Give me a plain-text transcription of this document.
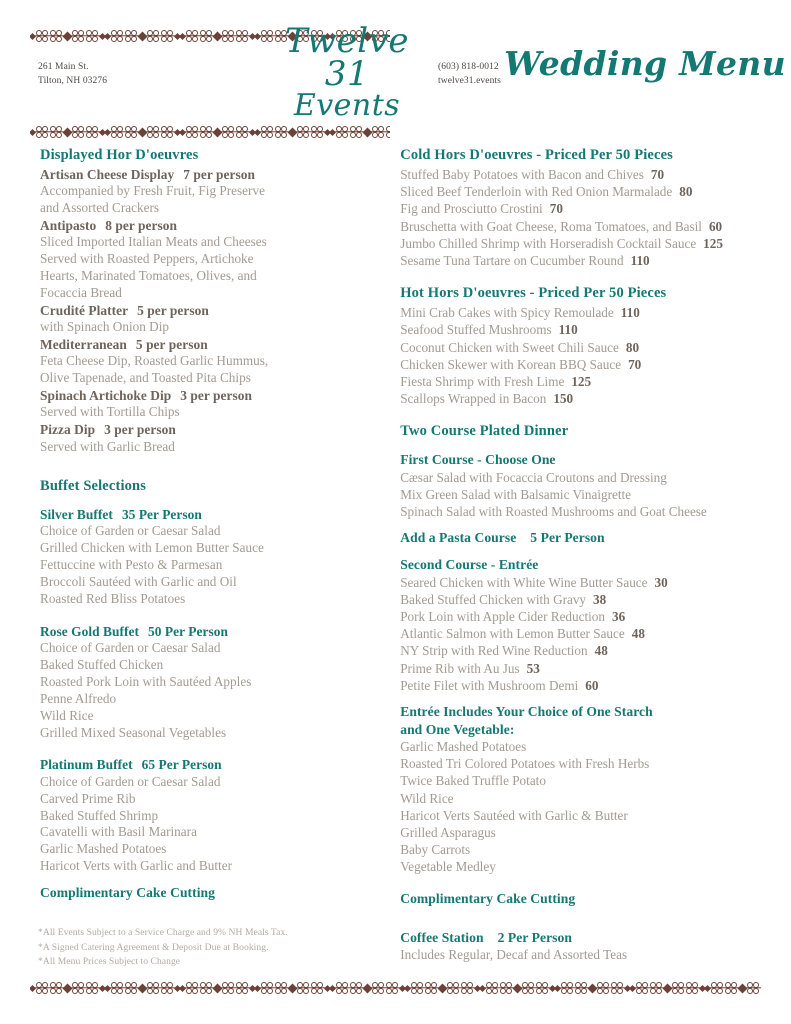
261 Main St.
Tilton, NH 03276
Twelve 31
Events
(603) 818-0012
twelve31.events Wedding Menu
Displayed Hor D'oeuvres
Artisan Cheese Display 7 per person
Accompanied by Fresh Fruit, Fig Preserve
and Assorted Crackers
Antipasto 8 per person
Sliced Imported Italian Meats and Cheeses
Served with Roasted Peppers, Artichoke
Hearts, Marinated Tomatoes, Olives, and
Focaccia Bread
Crudité Platter 5 per person
with Spinach Onion Dip
Mediterranean 5 per person
Feta Cheese Dip, Roasted Garlic Hummus,
Olive Tapenade, and Toasted Pita Chips
Spinach Artichoke Dip 3 per person
Served with Tortilla Chips
Pizza Dip 3 per person
Served with Garlic Bread
Buffet Selections
Silver Buffet 35 Per Person
Choice of Garden or Caesar Salad
Grilled Chicken with Lemon Butter Sauce
Fettuccine with Pesto & Parmesan
Broccoli Sautéed with Garlic and Oil
Roasted Red Bliss Potatoes
Rose Gold Buffet 50 Per Person
Choice of Garden or Caesar Salad
Baked Stuffed Chicken
Roasted Pork Loin with Sautéed Apples
Penne Alfredo
Wild Rice
Grilled Mixed Seasonal Vegetables
Platinum Buffet 65 Per Person
Choice of Garden or Caesar Salad
Carved Prime Rib
Baked Stuffed Shrimp
Cavatelli with Basil Marinara
Garlic Mashed Potatoes
Haricot Verts with Garlic and Butter
Complimentary Cake Cutting
Cold Hors D'oeuvres - Priced Per 50 Pieces
Stuffed Baby Potatoes with Bacon and Chives 70
Sliced Beef Tenderloin with Red Onion Marmalade 80
Fig and Prosciutto Crostini 70
Bruschetta with Goat Cheese, Roma Tomatoes, and Basil 60
Jumbo Chilled Shrimp with Horseradish Cocktail Sauce 125
Sesame Tuna Tartare on Cucumber Round 110
Hot Hors D'oeuvres - Priced Per 50 Pieces
Mini Crab Cakes with Spicy Remoulade 110
Seafood Stuffed Mushrooms 110
Coconut Chicken with Sweet Chili Sauce 80
Chicken Skewer with Korean BBQ Sauce 70
Fiesta Shrimp with Fresh Lime 125
Scallops Wrapped in Bacon 150
Two Course Plated Dinner
First Course - Choose One
Cæsar Salad with Focaccia Croutons and Dressing
Mix Green Salad with Balsamic Vinaigrette
Spinach Salad with Roasted Mushrooms and Goat Cheese
Add a Pasta Course 5 Per Person
Second Course - Entrée
Seared Chicken with White Wine Butter Sauce 30
Baked Stuffed Chicken with Gravy 38
Pork Loin with Apple Cider Reduction 36
Atlantic Salmon with Lemon Butter Sauce 48
NY Strip with Red Wine Reduction 48
Prime Rib with Au Jus 53
Petite Filet with Mushroom Demi 60
Entrée Includes Your Choice of One Starch
and One Vegetable:
Garlic Mashed Potatoes
Roasted Tri Colored Potatoes with Fresh Herbs
Twice Baked Truffle Potato
Wild Rice
Haricot Verts Sautéed with Garlic & Butter
Grilled Asparagus
Baby Carrots
Vegetable Medley
Complimentary Cake Cutting
Coffee Station 2 Per Person
Includes Regular, Decaf and Assorted Teas
*All Events Subject to a Service Charge and 9% NH Meals Tax.
*A Signed Catering Agreement & Deposit Due at Booking.
*All Menu Prices Subject to Change
